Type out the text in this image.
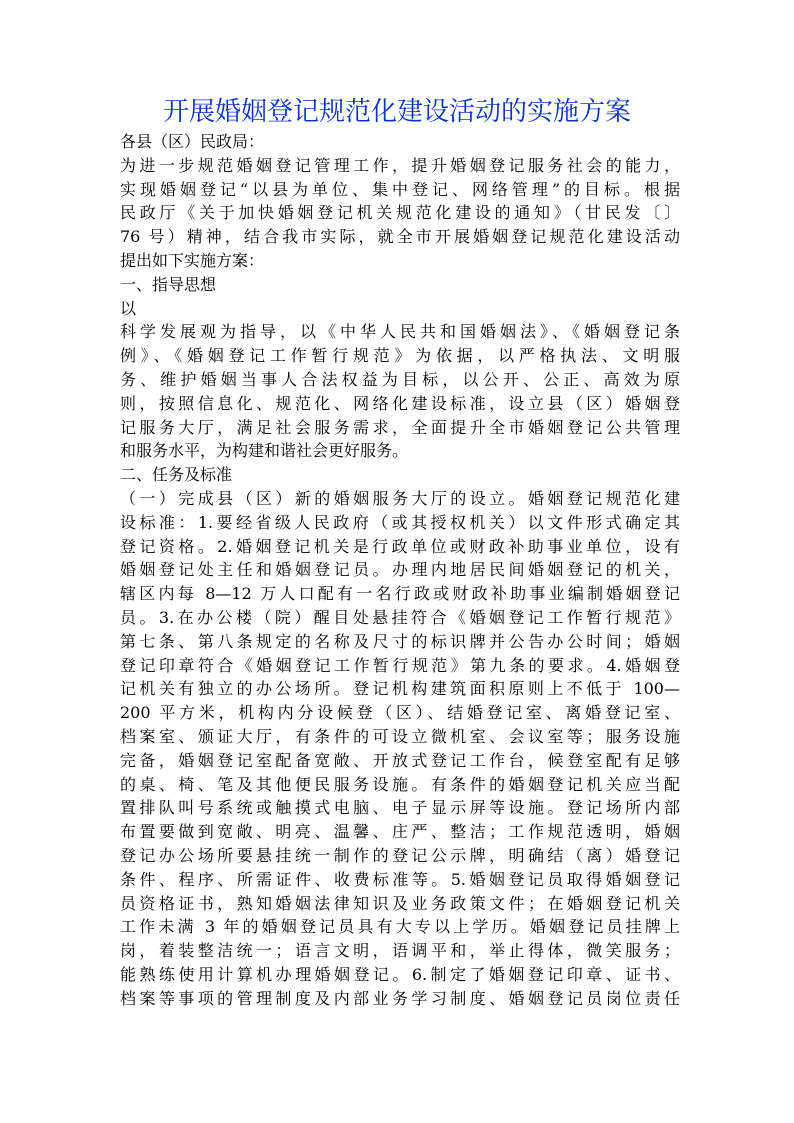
开展婚姻登记规范化建设活动的实施方案
各县（区）民政局：
为进一步规范婚姻登记管理工作，提升婚姻登记服务社会的能力，
实现婚姻登记“以县为单位、集中登记、网络管理”的目标。根据
民政厅《关于加快婚姻登记机关规范化建设的通知》（甘民发〔〕
76 号）精神，结合我市实际，就全市开展婚姻登记规范化建设活动
提出如下实施方案：
一、指导思想
以
科学发展观为指导，以《中华人民共和国婚姻法》、《婚姻登记条
例》、《婚姻登记工作暂行规范》为依据，以严格执法、文明服
务、维护婚姻当事人合法权益为目标，以公开、公正、高效为原
则，按照信息化、规范化、网络化建设标准，设立县（区）婚姻登
记服务大厅，满足社会服务需求，全面提升全市婚姻登记公共管理
和服务水平，为构建和谐社会更好服务。
二、任务及标准
（一）完成县（区）新的婚姻服务大厅的设立。婚姻登记规范化建
设标准：1.要经省级人民政府（或其授权机关）以文件形式确定其
登记资格。2.婚姻登记机关是行政单位或财政补助事业单位，设有
婚姻登记处主任和婚姻登记员。办理内地居民间婚姻登记的机关，
辖区内每 8—12 万人口配有一名行政或财政补助事业编制婚姻登记
员。3.在办公楼（院）醒目处悬挂符合《婚姻登记工作暂行规范》
第七条、第八条规定的名称及尺寸的标识牌并公告办公时间；婚姻
登记印章符合《婚姻登记工作暂行规范》第九条的要求。4.婚姻登
记机关有独立的办公场所。登记机构建筑面积原则上不低于 100—
200 平方米，机构内分设候登（区）、结婚登记室、离婚登记室、
档案室、颁证大厅，有条件的可设立微机室、会议室等；服务设施
完备，婚姻登记室配备宽敞、开放式登记工作台，候登室配有足够
的桌、椅、笔及其他便民服务设施。有条件的婚姻登记机关应当配
置排队叫号系统或触摸式电脑、电子显示屏等设施。登记场所内部
布置要做到宽敞、明亮、温馨、庄严、整洁；工作规范透明，婚姻
登记办公场所要悬挂统一制作的登记公示牌，明确结（离）婚登记
条件、程序、所需证件、收费标准等。5.婚姻登记员取得婚姻登记
员资格证书，熟知婚姻法律知识及业务政策文件；在婚姻登记机关
工作未满 3 年的婚姻登记员具有大专以上学历。婚姻登记员挂牌上
岗，着装整洁统一；语言文明，语调平和，举止得体，微笑服务；
能熟练使用计算机办理婚姻登记。6.制定了婚姻登记印章、证书、
档案等事项的管理制度及内部业务学习制度、婚姻登记员岗位责任
